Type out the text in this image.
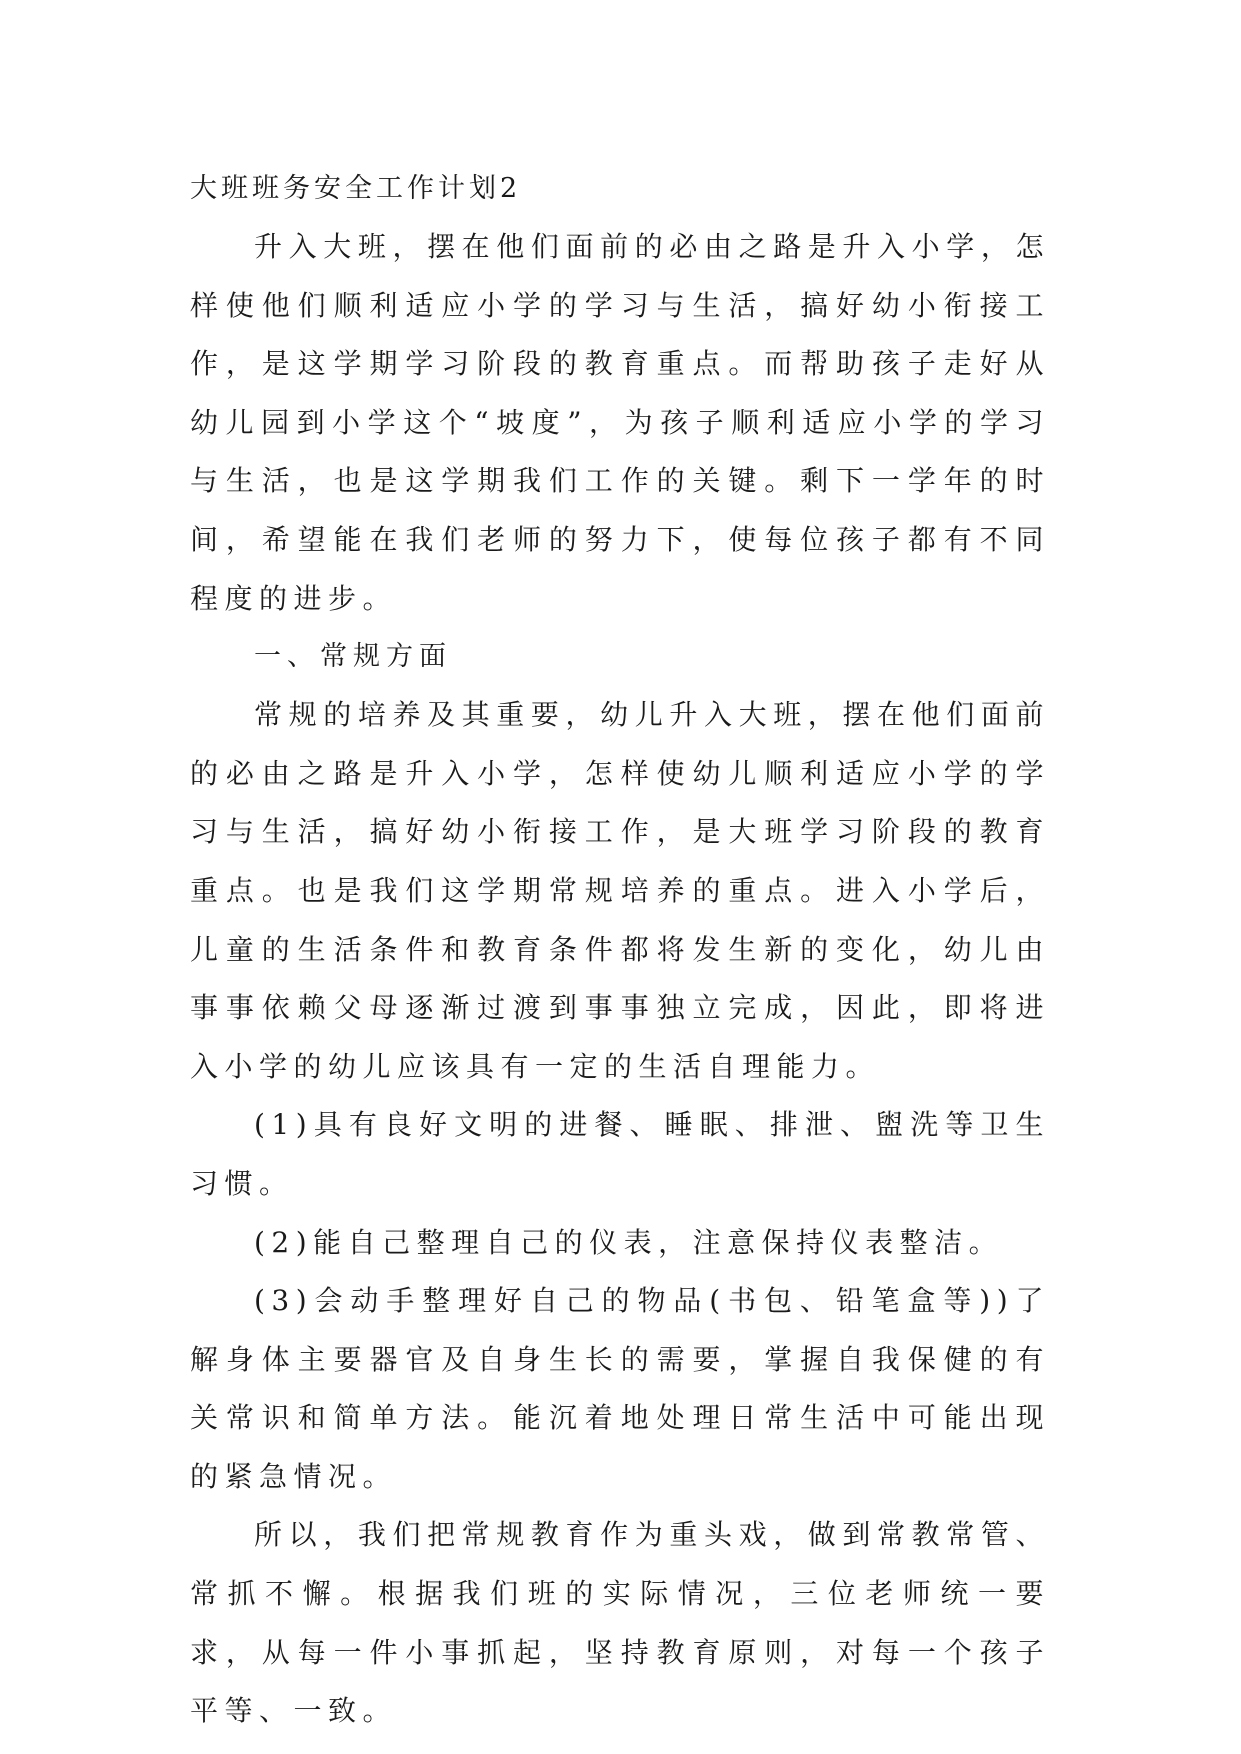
大班班务安全工作计划2

升入大班，摆在他们面前的必由之路是升入小学，怎样使他们顺利适应小学的学习与生活，搞好幼小衔接工作，是这学期学习阶段的教育重点。而帮助孩子走好从幼儿园到小学这个“坡度”，为孩子顺利适应小学的学习与生活，也是这学期我们工作的关键。剩下一学年的时间，希望能在我们老师的努力下，使每位孩子都有不同程度的进步。

一、常规方面

常规的培养及其重要，幼儿升入大班，摆在他们面前的必由之路是升入小学，怎样使幼儿顺利适应小学的学习与生活，搞好幼小衔接工作，是大班学习阶段的教育重点。也是我们这学期常规培养的重点。进入小学后，儿童的生活条件和教育条件都将发生新的变化，幼儿由事事依赖父母逐渐过渡到事事独立完成，因此，即将进入小学的幼儿应该具有一定的生活自理能力。

(1)具有良好文明的进餐、睡眠、排泄、盥洗等卫生习惯。

(2)能自己整理自己的仪表，注意保持仪表整洁。

(3)会动手整理好自己的物品(书包、铅笔盒等))了解身体主要器官及自身生长的需要，掌握自我保健的有关常识和简单方法。能沉着地处理日常生活中可能出现的紧急情况。

所以，我们把常规教育作为重头戏，做到常教常管、常抓不懈。根据我们班的实际情况，三位老师统一要求，从每一件小事抓起，坚持教育原则，对每一个孩子平等、一致。
